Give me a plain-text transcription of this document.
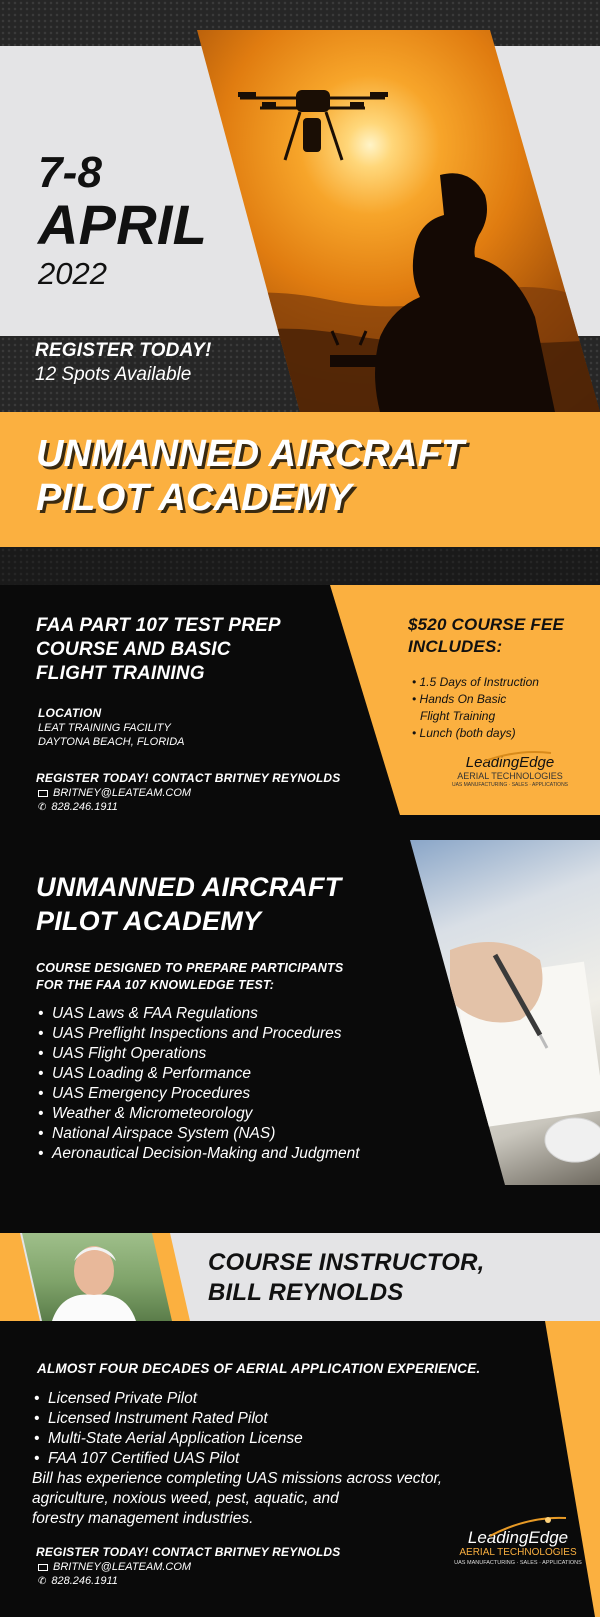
7-8
APRIL
2022
REGISTER TODAY!
12 Spots Available
UNMANNED AIRCRAFT
PILOT ACADEMY
FAA PART 107 TEST PREP
COURSE AND BASIC
FLIGHT TRAINING
LOCATION
LEAT TRAINING FACILITY
DAYTONA BEACH, FLORIDA
REGISTER TODAY! CONTACT BRITNEY REYNOLDS
BRITNEY@LEATEAM.COM
✆ 828.246.1911
$520 COURSE FEE
INCLUDES:
• 1.5 Days of Instruction
• Hands On Basic
Flight Training
• Lunch (both days)
LeadingEdge
AERIAL TECHNOLOGIES
UAS MANUFACTURING · SALES · APPLICATIONS
UNMANNED AIRCRAFT
PILOT ACADEMY
COURSE DESIGNED TO PREPARE PARTICIPANTS
FOR THE FAA 107 KNOWLEDGE TEST:
• UAS Laws & FAA Regulations
• UAS Preflight Inspections and Procedures
• UAS Flight Operations
• UAS Loading & Performance
• UAS Emergency Procedures
• Weather & Micrometeorology
• National Airspace System (NAS)
• Aeronautical Decision-Making and Judgment
COURSE INSTRUCTOR,
BILL REYNOLDS
ALMOST FOUR DECADES OF AERIAL APPLICATION EXPERIENCE.
• Licensed Private Pilot
• Licensed Instrument Rated Pilot
• Multi-State Aerial Application License
• FAA 107 Certified UAS Pilot
Bill has experience completing UAS missions across vector,
agriculture, noxious weed, pest, aquatic, and
forestry management industries.
REGISTER TODAY! CONTACT BRITNEY REYNOLDS
BRITNEY@LEATEAM.COM
✆ 828.246.1911
LeadingEdge
AERIAL TECHNOLOGIES
UAS MANUFACTURING · SALES · APPLICATIONS
